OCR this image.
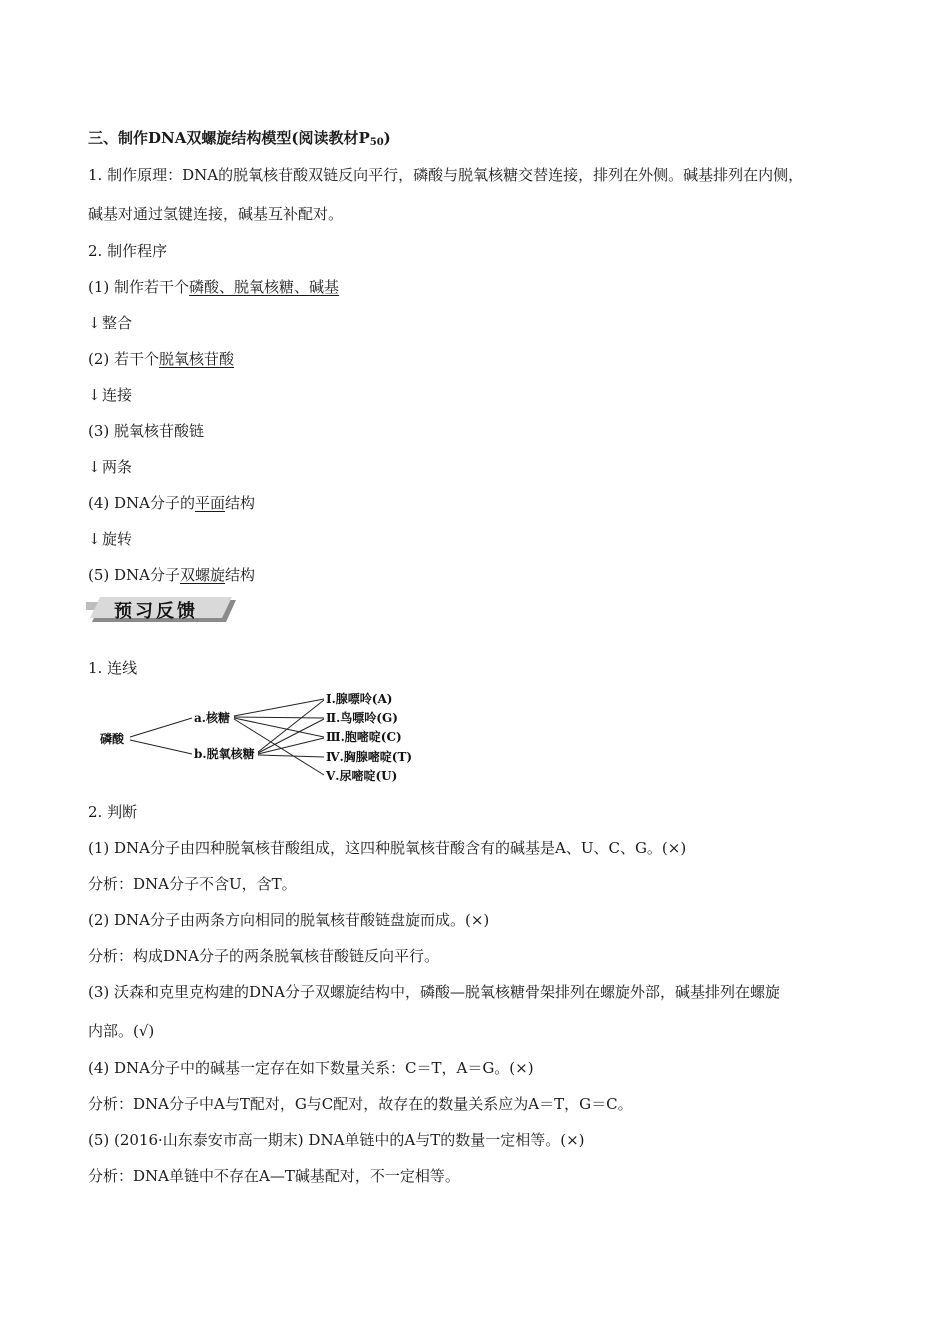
三、制作DNA双螺旋结构模型(阅读教材$P_{50}$)
1. 制作原理：DNA的脱氧核苷酸双链反向平行，磷酸与脱氧核糖交替连接，排列在外侧。碱基排列在内侧，
碱基对通过氢键连接，碱基互补配对。
2. 制作程序
(1) 制作若干个磷酸、脱氧核糖、碱基
↓整合
(2) 若干个脱氧核苷酸
↓连接
(3) 脱氧核苷酸链
↓两条
(4) DNA分子的平面结构
↓旋转
(5) DNA分子双螺旋结构
预习反馈
1. 连线
磷酸
a.核糖
b.脱氧核糖
Ⅰ.腺嘌呤(A)
Ⅱ.鸟嘌呤(G)
Ⅲ.胞嘧啶(C)
Ⅳ.胸腺嘧啶(T)
Ⅴ.尿嘧啶(U)
2. 判断
(1) DNA分子由四种脱氧核苷酸组成，这四种脱氧核苷酸含有的碱基是A、U、C、G。(×)
分析：DNA分子不含U，含T。
(2) DNA分子由两条方向相同的脱氧核苷酸链盘旋而成。(×)
分析：构成DNA分子的两条脱氧核苷酸链反向平行。
(3) 沃森和克里克构建的DNA分子双螺旋结构中，磷酸—脱氧核糖骨架排列在螺旋外部，碱基排列在螺旋
内部。(√)
(4) DNA分子中的碱基一定存在如下数量关系：C＝T，A＝G。(×)
分析：DNA分子中A与T配对，G与C配对，故存在的数量关系应为A＝T，G＝C。
(5) (2016·山东泰安市高一期末) DNA单链中的A与T的数量一定相等。(×)
分析：DNA单链中不存在A—T碱基配对，不一定相等。
